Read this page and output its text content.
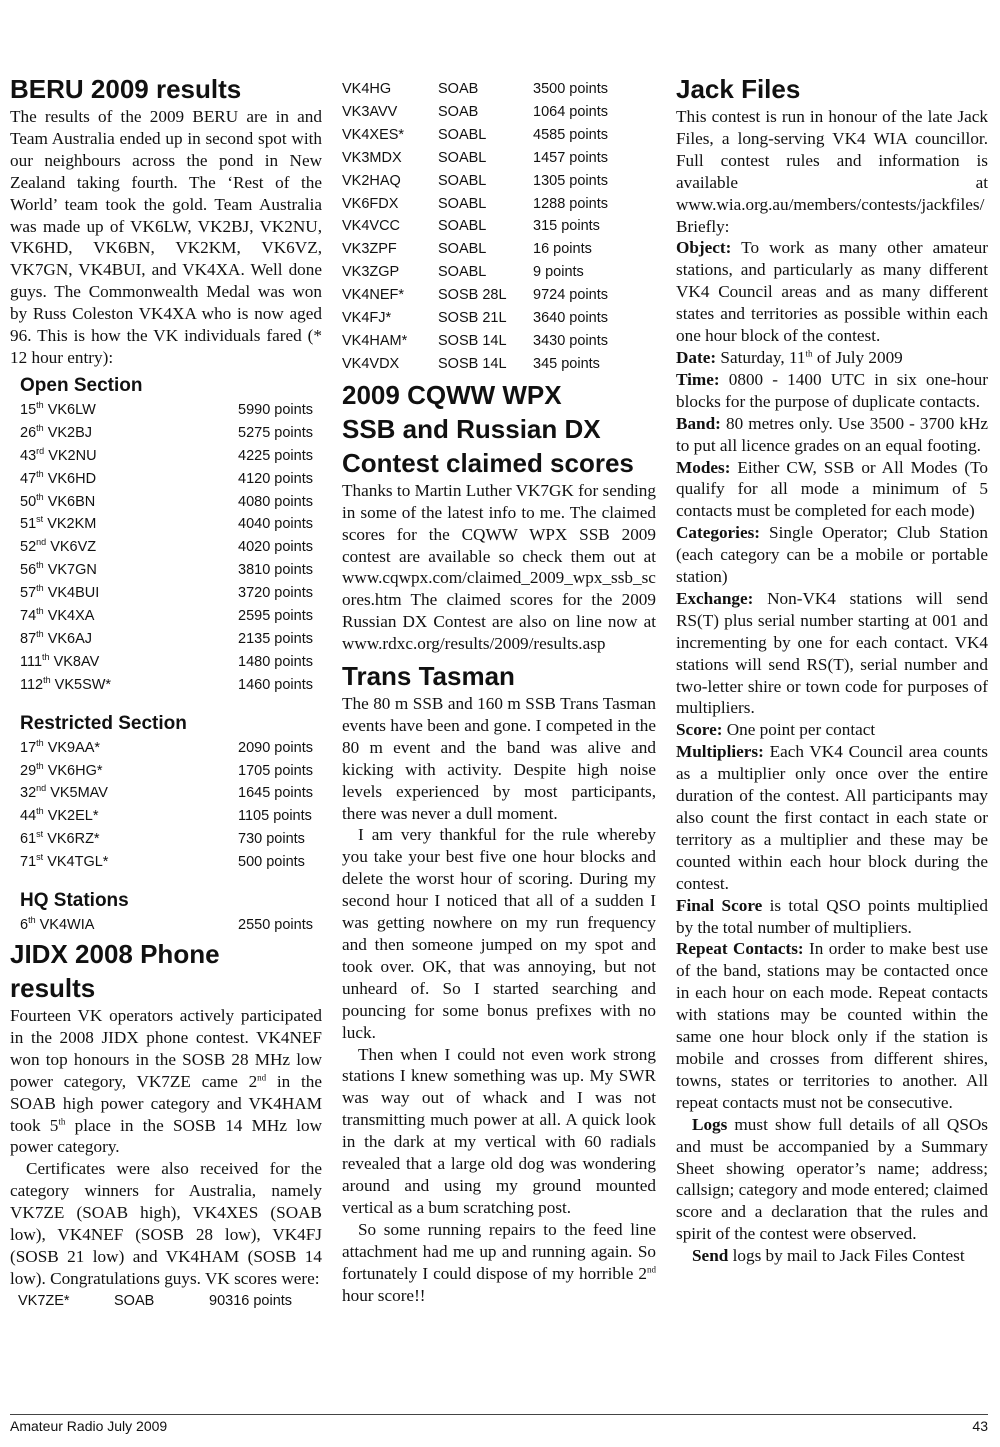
BERU 2009 results

The results of the 2009 BERU are in and Team Australia ended up in second spot with our neighbours across the pond in New Zealand taking fourth. The ‘Rest of the World’ team took the gold. Team Australia was made up of VK6LW, VK2BJ, VK2NU, VK6HD, VK6BN, VK2KM, VK6VZ, VK7GN, VK4BUI, and VK4XA. Well done guys. The Commonwealth Medal was won by Russ Coleston VK4XA who is now aged 96. This is how the VK individuals fared (* 12 hour entry):

Open Section
15th VK6LW	5990 points
26th VK2BJ	5275 points
43rd VK2NU	4225 points
47th VK6HD	4120 points
50th VK6BN	4080 points
51st VK2KM	4040 points
52nd VK6VZ	4020 points
56th VK7GN	3810 points
57th VK4BUI	3720 points
74th VK4XA	2595 points
87th VK6AJ	2135 points
111th VK8AV	1480 points
112th VK5SW*	1460 points
Restricted Section
17th VK9AA*	2090 points
29th VK6HG*	1705 points
32nd VK5MAV	1645 points
44th VK2EL*	1105 points
61st VK6RZ*	730 points
71st VK4TGL*	500 points
HQ Stations
6th VK4WIA	2550 points
JIDX 2008 Phone
results

Fourteen VK operators actively participated in the 2008 JIDX phone contest. VK4NEF won top honours in the SOSB 28 MHz low power category, VK7ZE came 2nd in the SOAB high power category and VK4HAM took 5th place in the SOSB 14 MHz low power category.

Certificates were also received for the category winners for Australia, namely VK7ZE (SOAB high), VK4XES (SOAB low), VK4NEF (SOSB 28 low), VK4FJ (SOSB 21 low) and VK4HAM (SOSB 14 low). Congratulations guys. VK scores were:

VK7ZE*	SOAB	90316 points
VK4HG	SOAB	3500 points
VK3AVV	SOAB	1064 points
VK4XES*	SOABL	4585 points
VK3MDX	SOABL	1457 points
VK2HAQ	SOABL	1305 points
VK6FDX	SOABL	1288 points
VK4VCC	SOABL	315 points
VK3ZPF	SOABL	16 points
VK3ZGP	SOABL	9 points
VK4NEF*	SOSB 28L	9724 points
VK4FJ*	SOSB 21L	3640 points
VK4HAM*	SOSB 14L	3430 points
VK4VDX	SOSB 14L	345 points
2009 CQWW WPX
SSB and Russian DX
Contest claimed scores

Thanks to Martin Luther VK7GK for sending in some of the latest info to me. The claimed scores for the CQWW WPX SSB 2009 contest are available so check them out at www.cqwpx.com/claimed_2009_wpx_ssb_scores.htm The claimed scores for the 2009 Russian DX Contest are also on line now at www.rdxc.org/results/2009/results.asp

Trans Tasman

The 80 m SSB and 160 m SSB Trans Tasman events have been and gone. I competed in the 80 m event and the band was alive and kicking with activity. Despite high noise levels experienced by most participants, there was never a dull moment.

I am very thankful for the rule whereby you take your best five one hour blocks and delete the worst hour of scoring. During my second hour I noticed that all of a sudden I was getting nowhere on my run frequency and then someone jumped on my spot and took over. OK, that was annoying, but not unheard of. So I started searching and pouncing for some bonus prefixes with no luck.

Then when I could not even work strong stations I knew something was up. My SWR was way out of whack and I was not transmitting much power at all. A quick look in the dark at my vertical with 60 radials revealed that a large old dog was wondering around and using my ground mounted vertical as a bum scratching post.

So some running repairs to the feed line attachment had me up and running again. So fortunately I could dispose of my horrible 2nd hour score!!

Jack Files

This contest is run in honour of the late Jack Files, a long-serving VK4 WIA councillor. Full contest rules and information is available at www.wia.org.au/members/contests/jackfiles/ Briefly:

Object: To work as many other amateur stations, and particularly as many different VK4 Council areas and as many different states and territories as possible within each one hour block of the contest.

Date: Saturday, 11th of July 2009

Time: 0800 - 1400 UTC in six one-hour blocks for the purpose of duplicate contacts.

Band: 80 metres only. Use 3500 - 3700 kHz to put all licence grades on an equal footing.

Modes: Either CW, SSB or All Modes (To qualify for all mode a minimum of 5 contacts must be completed for each mode)

Categories: Single Operator; Club Station (each category can be a mobile or portable station)

Exchange: Non-VK4 stations will send RS(T) plus serial number starting at 001 and incrementing by one for each contact. VK4 stations will send RS(T), serial number and two-letter shire or town code for purposes of multipliers.

Score: One point per contact

Multipliers: Each VK4 Council area counts as a multiplier only once over the entire duration of the contest. All participants may also count the first contact in each state or territory as a multiplier and these may be counted within each hour block during the contest.

Final Score is total QSO points multiplied by the total number of multipliers.

Repeat Contacts: In order to make best use of the band, stations may be contacted once in each hour on each mode. Repeat contacts with stations may be counted within the same one hour block only if the station is mobile and crosses from different shires, towns, states or territories to another. All repeat contacts must not be consecutive.

Logs must show full details of all QSOs and must be accompanied by a Summary Sheet showing operator’s name; address; callsign; category and mode entered; claimed score and a declaration that the rules and spirit of the contest were observed.

Send logs by mail to Jack Files Contest

Amateur Radio July 2009	43
